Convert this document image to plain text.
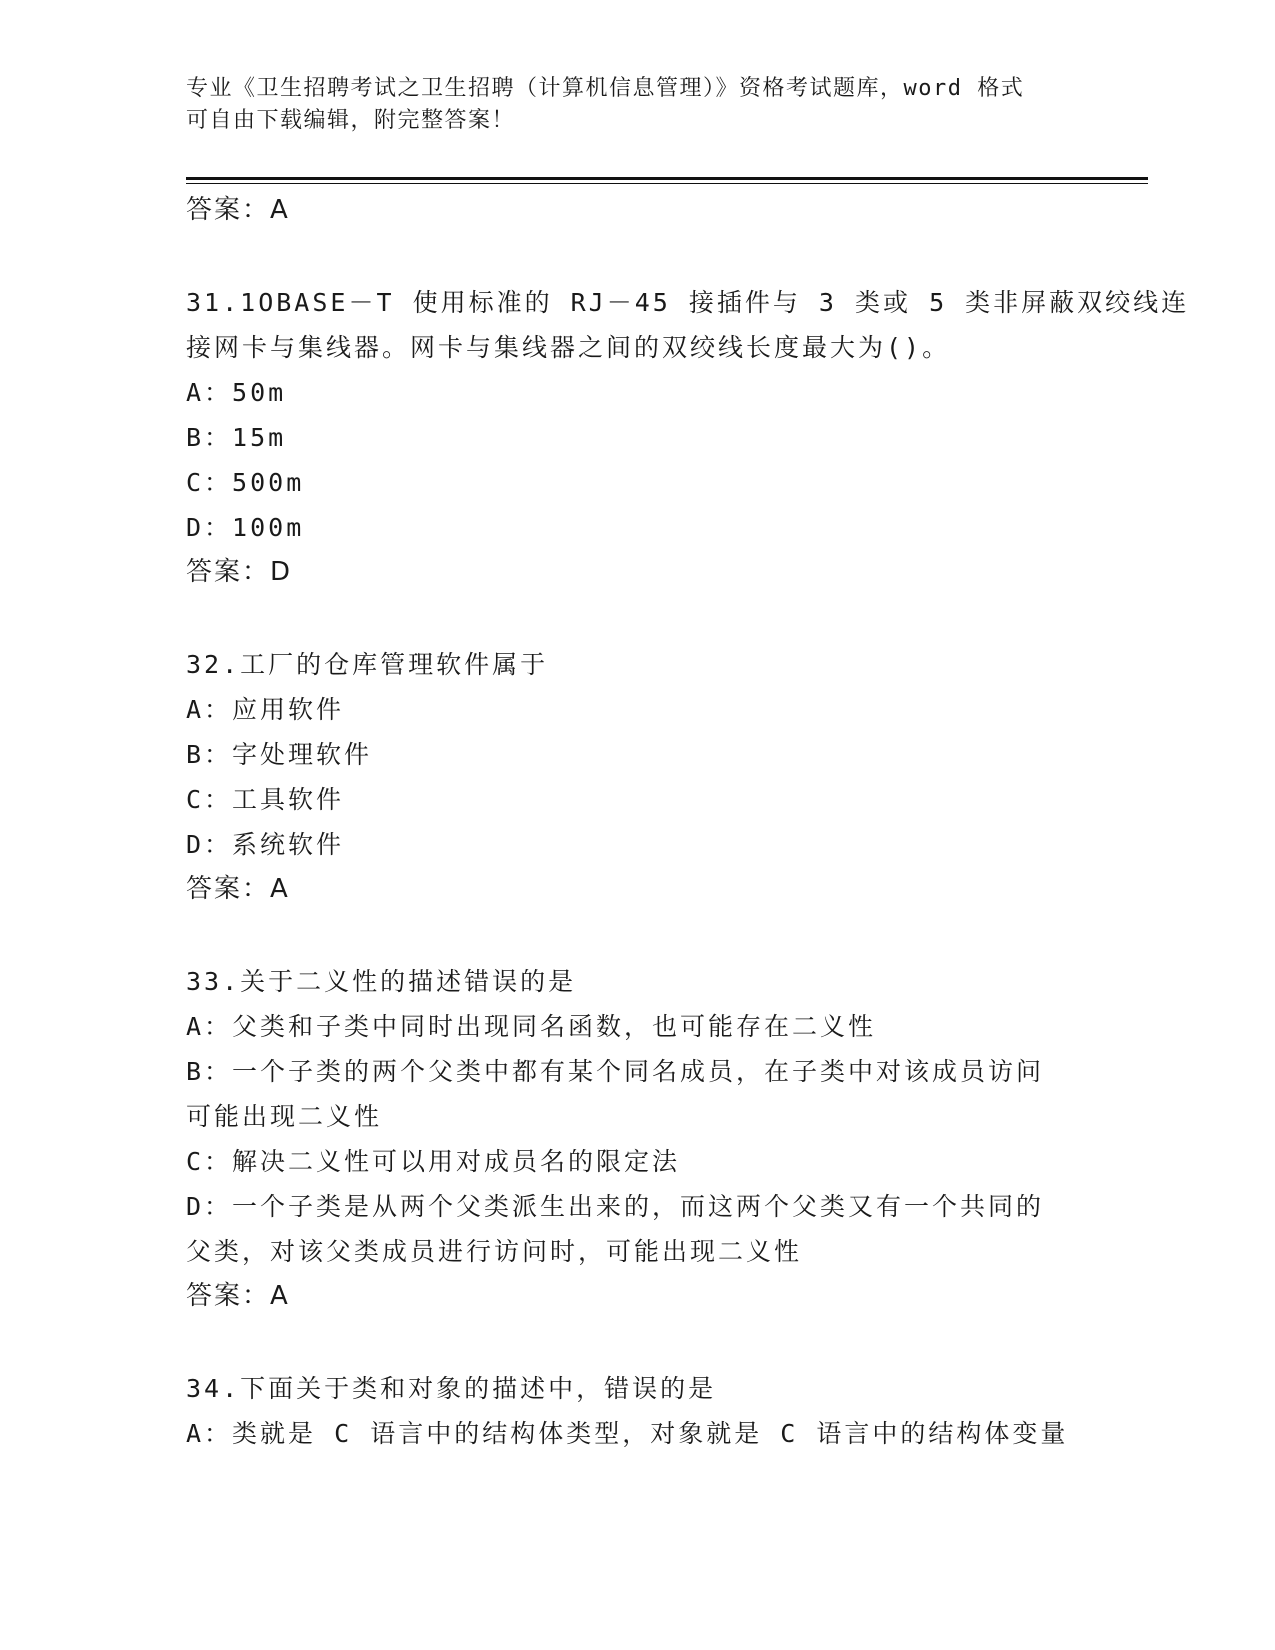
专业《卫生招聘考试之卫生招聘（计算机信息管理）》资格考试题库，word 格式
可自由下载编辑，附完整答案！
答案：A
31.1OBASE－T 使用标准的 RJ－45 接插件与 3 类或 5 类非屏蔽双绞线连
接网卡与集线器。网卡与集线器之间的双绞线长度最大为()。
A：50m
B：15m
C：500m
D：100m
答案：D
32.工厂的仓库管理软件属于
A：应用软件
B：字处理软件
C：工具软件
D：系统软件
答案：A
33.关于二义性的描述错误的是
A：父类和子类中同时出现同名函数，也可能存在二义性
B：一个子类的两个父类中都有某个同名成员，在子类中对该成员访问
可能出现二义性
C：解决二义性可以用对成员名的限定法
D：一个子类是从两个父类派生出来的，而这两个父类又有一个共同的
父类，对该父类成员进行访问时，可能出现二义性
答案：A
34.下面关于类和对象的描述中，错误的是
A：类就是 C 语言中的结构体类型，对象就是 C 语言中的结构体变量
